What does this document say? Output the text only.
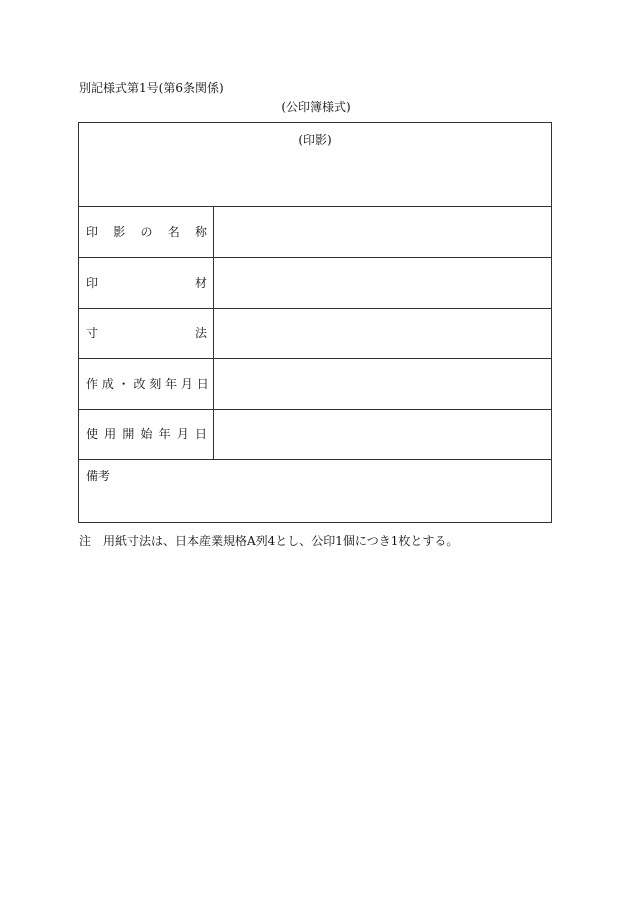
別記様式第1号(第6条関係)
(公印簿様式)
(印影)
印 影 の 名 称
印 材
寸 法
作 成 ・ 改 刻 年 月 日
使 用 開 始 年 月 日
備考
注　用紙寸法は、日本産業規格A列4とし、公印1個につき1枚とする。
